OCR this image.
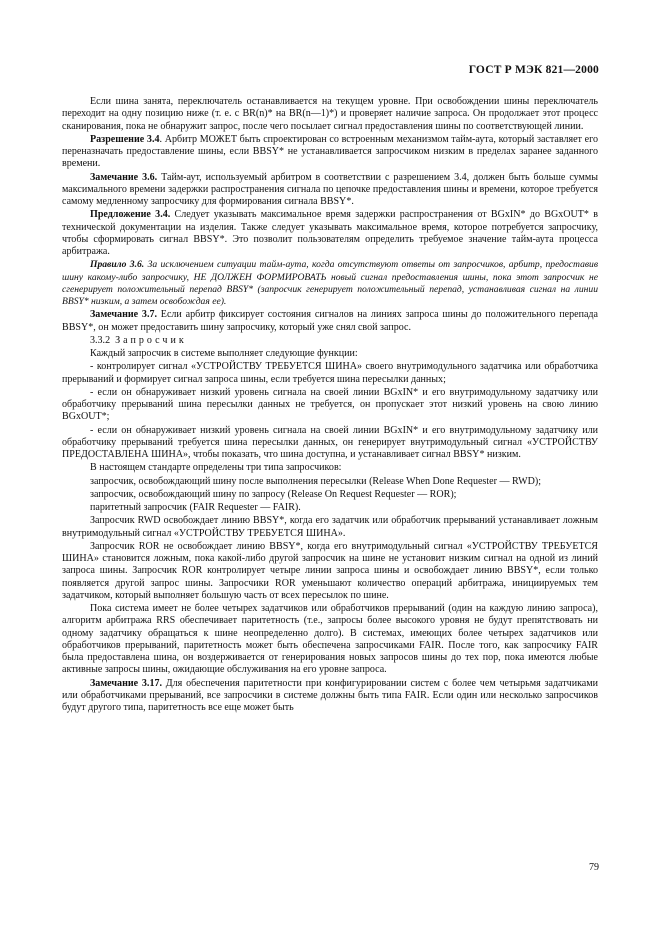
ГОСТ Р МЭК 821—2000

Если шина занята, переключатель останавливается на текущем уровне. При освобождении шины переключатель переходит на одну позицию ниже (т. е. с BR(n)* на BR(n—1)*) и проверяет наличие запроса. Он продолжает этот процесс сканирования, пока не обнаружит запрос, после чего посылает сигнал предоставления шины по соответствующей линии.

Разрешение 3.4. Арбитр МОЖЕТ быть спроектирован со встроенным механизмом тайм-аута, который заставляет его переназначать предоставление шины, если BBSY* не устанавливается запросчиком низким в пределах заранее заданного времени.

Замечание 3.6. Тайм-аут, используемый арбитром в соответствии с разрешением 3.4, должен быть больше суммы максимального времени задержки распространения сигнала по цепочке предоставления шины и времени, которое требуется самому медленному запросчику для формирования сигнала BBSY*.

Предложение 3.4. Следует указывать максимальное время задержки распространения от BGxIN* до BGxOUT* в технической документации на изделия. Также следует указывать максимальное время, которое потребуется запросчику, чтобы сформировать сигнал BBSY*. Это позволит пользователям определить требуемое значение тайм-аута процесса арбитража.

Правило 3.6. За исключением ситуации тайм-аута, когда отсутствуют ответы от запросчиков, арбитр, предоставив шину какому-либо запросчику, НЕ ДОЛЖЕН ФОРМИРОВАТЬ новый сигнал предоставления шины, пока этот запросчик не сгенерирует положительный перепад BBSY* (запросчик генерирует положительный перепад, устанавливая сигнал на линии BBSY* низким, а затем освобождая ее).

Замечание 3.7. Если арбитр фиксирует состояния сигналов на линиях запроса шины до положительного перепада BBSY*, он может предоставить шину запросчику, который уже снял свой запрос.

3.3.2 Запросчик

Каждый запросчик в системе выполняет следующие функции:

- контролирует сигнал «УСТРОЙСТВУ ТРЕБУЕТСЯ ШИНА» своего внутримодульного задатчика или обработчика прерываний и формирует сигнал запроса шины, если требуется шина пересылки данных;

- если он обнаруживает низкий уровень сигнала на своей линии BGxIN* и его внутримодульному задатчику или обработчику прерываний шина пересылки данных не требуется, он пропускает этот низкий уровень на свою линию BGxOUT*;

- если он обнаруживает низкий уровень сигнала на своей линии BGxIN* и его внутримодульному задатчику или обработчику прерываний требуется шина пересылки данных, он генерирует внутримодульный сигнал «УСТРОЙСТВУ ПРЕДОСТАВЛЕНА ШИНА», чтобы показать, что шина доступна, и устанавливает сигнал BBSY* низким.

В настоящем стандарте определены три типа запросчиков:

запросчик, освобождающий шину после выполнения пересылки (Release When Done Requester — RWD);

запросчик, освобождающий шину по запросу (Release On Request Requester — ROR);

паритетный запросчик (FAIR Requester — FAIR).

Запросчик RWD освобождает линию BBSY*, когда его задатчик или обработчик прерываний устанавливает ложным внутримодульный сигнал «УСТРОЙСТВУ ТРЕБУЕТСЯ ШИНА».

Запросчик ROR не освобождает линию BBSY*, когда его внутримодульный сигнал «УСТРОЙСТВУ ТРЕБУЕТСЯ ШИНА» становится ложным, пока какой-либо другой запросчик на шине не установит низким сигнал на одной из линий запроса шины. Запросчик ROR контролирует четыре линии запроса шины и освобождает линию BBSY*, если только появляется другой запрос шины. Запросчики ROR уменьшают количество операций арбитража, инициируемых тем задатчиком, который выполняет большую часть от всех пересылок по шине.

Пока система имеет не более четырех задатчиков или обработчиков прерываний (один на каждую линию запроса), алгоритм арбитража RRS обеспечивает паритетность (т.е., запросы более высокого уровня не будут препятствовать ни одному задатчику обращаться к шине неопределенно долго). В системах, имеющих более четырех задатчиков или обработчиков прерываний, паритетность может быть обеспечена запросчиками FAIR. После того, как запросчику FAIR была предоставлена шина, он воздерживается от генерирования новых запросов шины до тех пор, пока имеются любые активные запросы шины, ожидающие обслуживания на его уровне запроса.

Замечание 3.17. Для обеспечения паритетности при конфигурировании систем с более чем четырьмя задатчиками или обработчиками прерываний, все запросчики в системе должны быть типа FAIR. Если один или несколько запросчиков будут другого типа, паритетность все еще может быть

79
